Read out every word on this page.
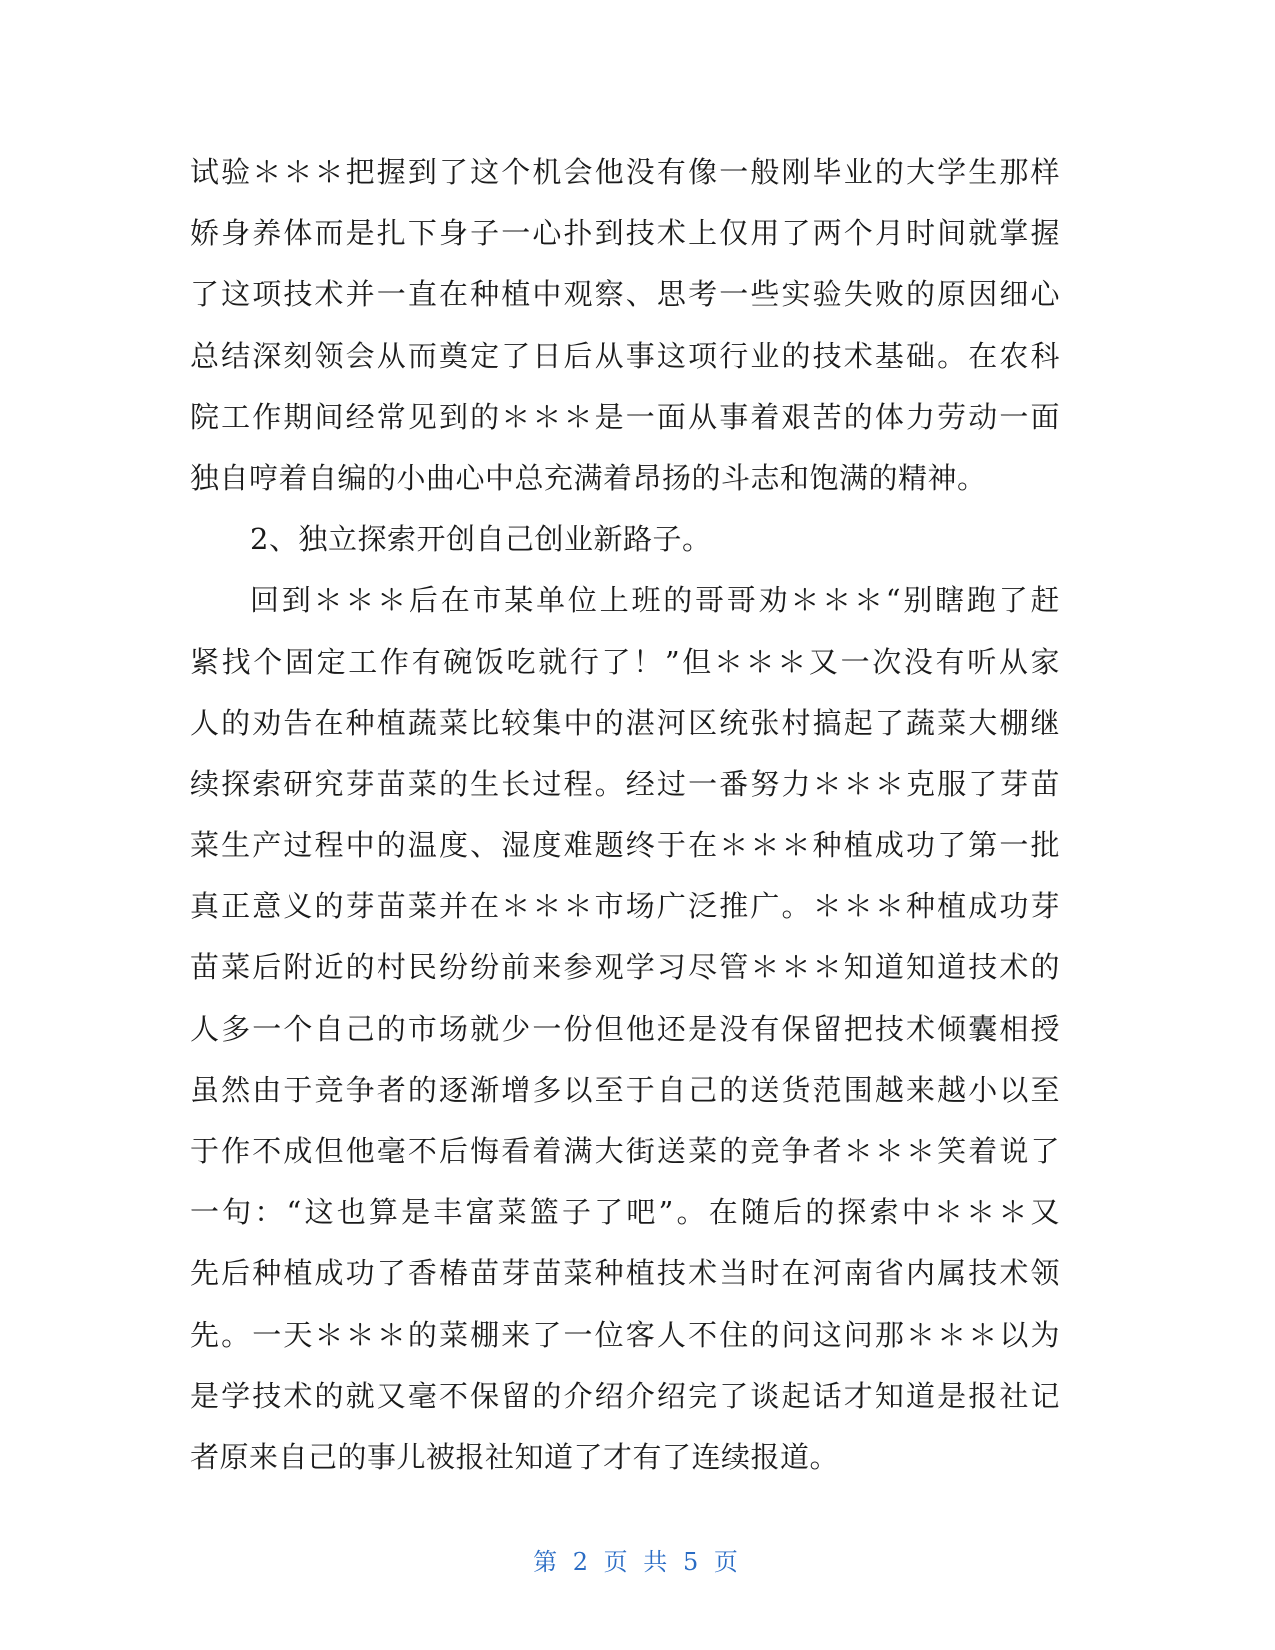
试验＊＊＊把握到了这个机会他没有像一般刚毕业的大学生那样
娇身养体而是扎下身子一心扑到技术上仅用了两个月时间就掌握
了这项技术并一直在种植中观察、思考一些实验失败的原因细心
总结深刻领会从而奠定了日后从事这项行业的技术基础。在农科
院工作期间经常见到的＊＊＊是一面从事着艰苦的体力劳动一面
独自哼着自编的小曲心中总充满着昂扬的斗志和饱满的精神。
2、独立探索开创自己创业新路子。
回到＊＊＊后在市某单位上班的哥哥劝＊＊＊“别瞎跑了赶
紧找个固定工作有碗饭吃就行了！”但＊＊＊又一次没有听从家
人的劝告在种植蔬菜比较集中的湛河区统张村搞起了蔬菜大棚继
续探索研究芽苗菜的生长过程。经过一番努力＊＊＊克服了芽苗
菜生产过程中的温度、湿度难题终于在＊＊＊种植成功了第一批
真正意义的芽苗菜并在＊＊＊市场广泛推广。＊＊＊种植成功芽
苗菜后附近的村民纷纷前来参观学习尽管＊＊＊知道知道技术的
人多一个自己的市场就少一份但他还是没有保留把技术倾囊相授
虽然由于竞争者的逐渐增多以至于自己的送货范围越来越小以至
于作不成但他毫不后悔看着满大街送菜的竞争者＊＊＊笑着说了
一句：“这也算是丰富菜篮子了吧”。在随后的探索中＊＊＊又
先后种植成功了香椿苗芽苗菜种植技术当时在河南省内属技术领
先。一天＊＊＊的菜棚来了一位客人不住的问这问那＊＊＊以为
是学技术的就又毫不保留的介绍介绍完了谈起话才知道是报社记
者原来自己的事儿被报社知道了才有了连续报道。
第 2 页 共 5 页
